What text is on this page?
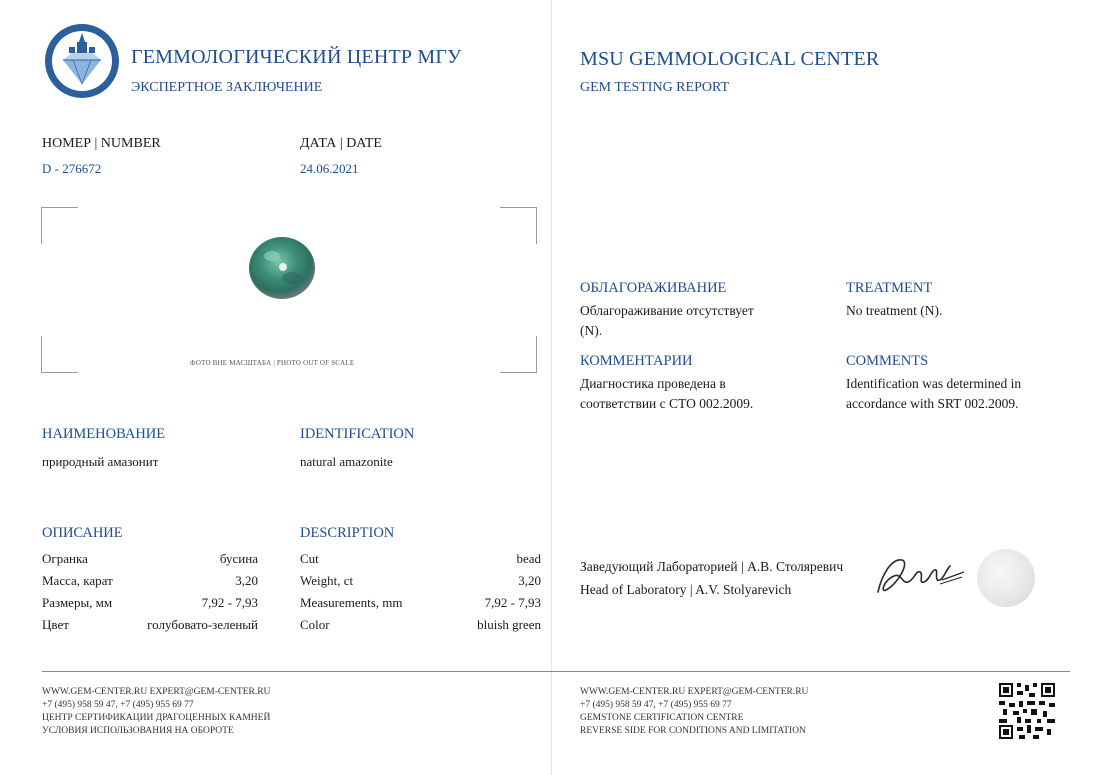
ГЕММОЛОГИЧЕСКИЙ ЦЕНТР МГУ
ЭКСПЕРТНОЕ ЗАКЛЮЧЕНИЕ
НОМЕР | NUMBER
D - 276672
ДАТА | DATE
24.06.2021
ФОТО ВНЕ МАСШТАБА | PHOTO OUT OF SCALE
НАИМЕНОВАНИЕ
природный амазонит
IDENTIFICATION
natural amazonite
ОПИСАНИЕ	DESCRIPTION
Огранка	бусина	Cut	bead
Масса, карат	3,20	Weight, ct	3,20
Размеры, мм	7,92 - 7,93	Measurements, mm	7,92 - 7,93
Цвет	голубовато-зеленый	Color	bluish green
WWW.GEM-CENTER.RU EXPERT@GEM-CENTER.RU
+7 (495) 958 59 47, +7 (495) 955 69 77
ЦЕНТР СЕРТИФИКАЦИИ ДРАГОЦЕННЫХ КАМНЕЙ
УСЛОВИЯ ИСПОЛЬЗОВАНИЯ НА ОБОРОТЕ
MSU GEMMOLOGICAL CENTER
GEM TESTING REPORT
ОБЛАГОРАЖИВАНИЕ
Облагораживание отсутствует
(N).
TREATMENT
No treatment (N).
КОММЕНТАРИИ
Диагностика проведена в
соответствии с СТО 002.2009.
COMMENTS
Identification was determined in
accordance with SRT 002.2009.
Заведующий Лабораторией | А.В. Столяревич
Head of Laboratory | A.V. Stolyarevich
WWW.GEM-CENTER.RU EXPERT@GEM-CENTER.RU
+7 (495) 958 59 47, +7 (495) 955 69 77
GEMSTONE CERTIFICATION CENTRE
REVERSE SIDE FOR CONDITIONS AND LIMITATION
